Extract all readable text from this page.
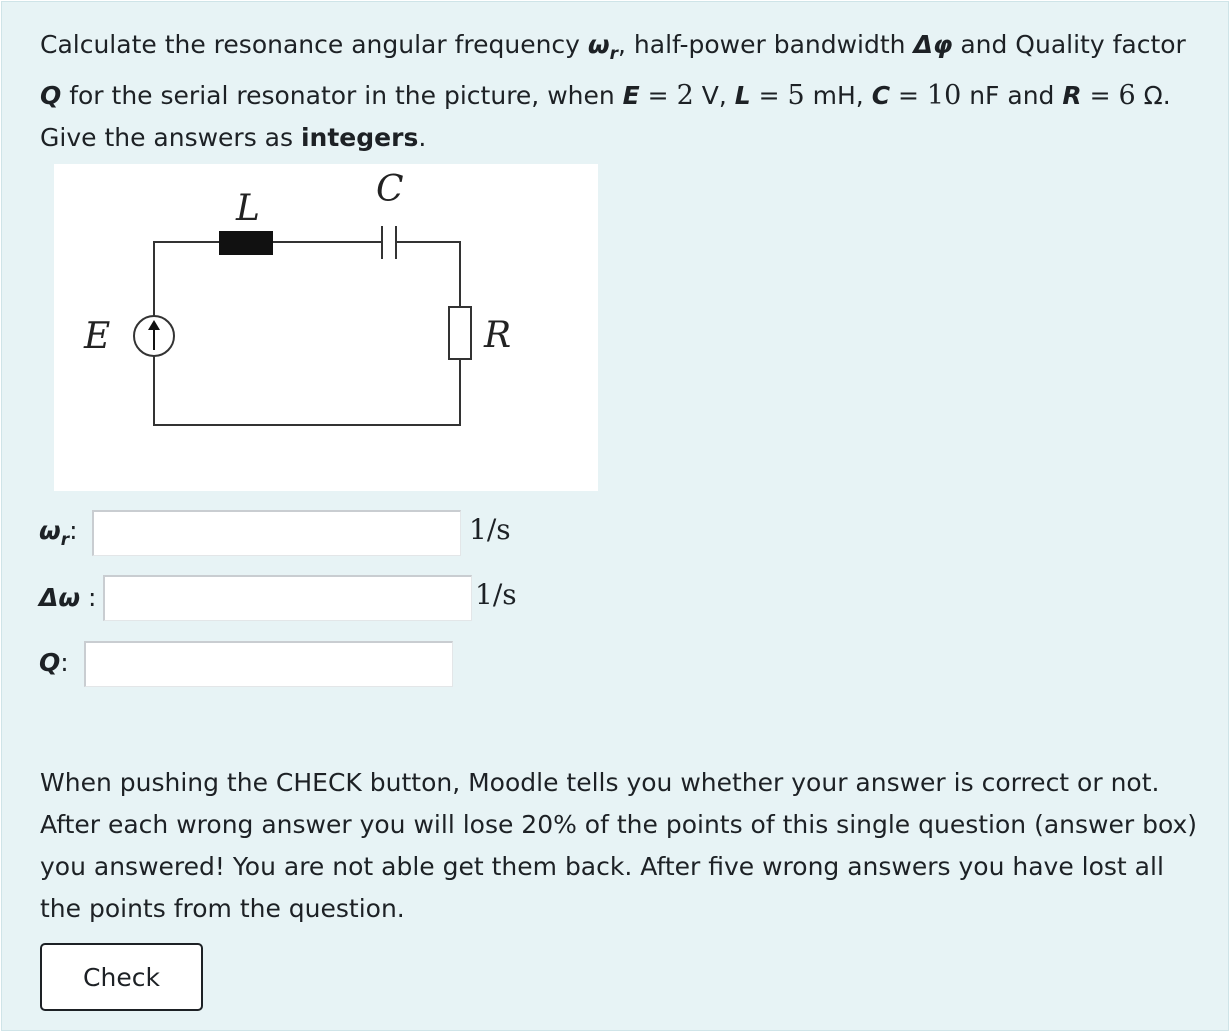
Calculate the resonance angular frequency $\omega_r$, half-power bandwidth Δφ and Quality factor Q for the serial resonator in the picture, when E = 2 V, L = 5 mH, C = 10 nF and R = 6 Ω. Give the answers as integers.
L	C
E	R
$\omega_r$:	1/s
Δω :	1/s
Q:
When pushing the CHECK button, Moodle tells you whether your answer is correct or not. After each wrong answer you will lose 20% of the points of this single question (answer box) you answered! You are not able get them back. After five wrong answers you have lost all the points from the question.
Check
